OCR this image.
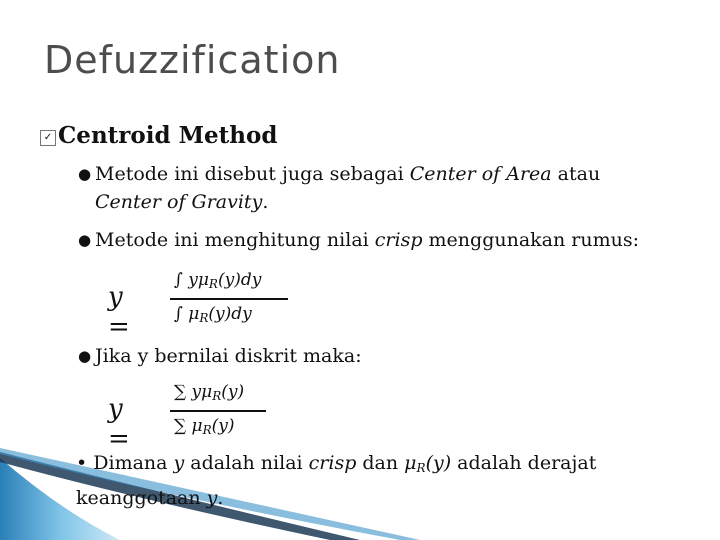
Defuzzification
✓ Centroid Method
● Metode ini disebut juga sebagai Center of Area atau
Center of Gravity.
● Metode ini menghitung nilai crisp menggunakan rumus:
y =
∫ yμR(y)dy
∫ μR(y)dy
● Jika y bernilai diskrit maka:
y =
∑ yμR(y)
∑ μR(y)
• Dimana y adalah nilai crisp dan μR(y) adalah derajat keanggotaan y.
